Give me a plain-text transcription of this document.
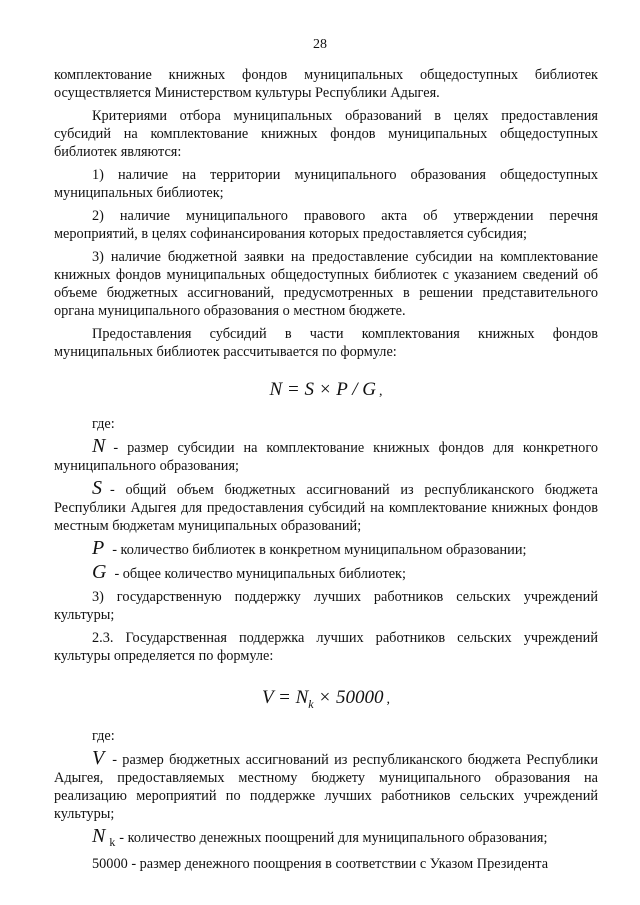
28

комплектование книжных фондов муниципальных общедоступных библиотек осуществляется Министерством культуры Республики Адыгея.

Критериями отбора муниципальных образований в целях предоставления субсидий на комплектование книжных фондов муниципальных общедоступных библиотек являются:

1) наличие на территории муниципального образования общедоступных муниципальных библиотек;

2) наличие муниципального правового акта об утверждении перечня мероприятий, в целях софинансирования которых предоставляется субсидия;

3) наличие бюджетной заявки на предоставление субсидии на комплектование книжных фондов муниципальных общедоступных библиотек с указанием сведений об объеме бюджетных ассигнований, предусмотренных в решении представительного органа муниципального образования о местном бюджете.

Предоставления субсидий в части комплектования книжных фондов муниципальных библиотек рассчитывается по формуле:

N = S × P / G ,
где:

N - размер субсидии на комплектование книжных фондов для конкретного муниципального образования;

S - общий объем бюджетных ассигнований из республиканского бюджета Республики Адыгея для предоставления субсидий на комплектование книжных фондов местным бюджетам муниципальных образований;

P - количество библиотек в конкретном муниципальном образовании;

G - общее количество муниципальных библиотек;

3) государственную поддержку лучших работников сельских учреждений культуры;

2.3. Государственная поддержка лучших работников сельских учреждений культуры определяется по формуле:

$V = N_k \times 50000$ ,
где:

V - размер бюджетных ассигнований из республиканского бюджета Республики Адыгея, предоставляемых местному бюджету муниципального образования на реализацию мероприятий по поддержке лучших работников сельских учреждений культуры;

N $_k$ - количество денежных поощрений для муниципального образования;

50000 - размер денежного поощрения в соответствии с Указом Президента
